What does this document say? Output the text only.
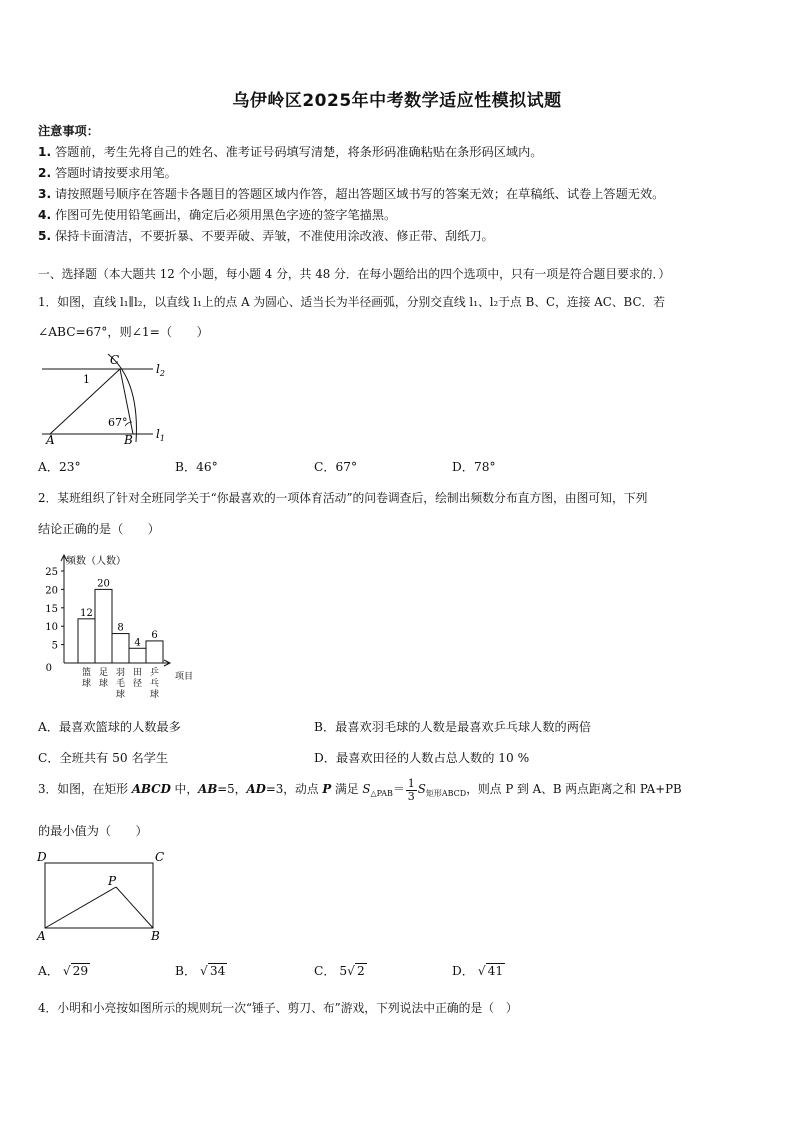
乌伊岭区2025年中考数学适应性模拟试题
注意事项：
1. 答题前，考生先将自己的姓名、准考证号码填写清楚，将条形码准确粘贴在条形码区域内。
2. 答题时请按要求用笔。
3. 请按照题号顺序在答题卡各题目的答题区域内作答，超出答题区域书写的答案无效；在草稿纸、试卷上答题无效。
4. 作图可先使用铅笔画出，确定后必须用黑色字迹的签字笔描黑。
5. 保持卡面清洁，不要折暴、不要弄破、弄皱，不准使用涂改液、修正带、刮纸刀。
一、选择题（本大题共 12 个小题，每小题 4 分，共 48 分．在每小题给出的四个选项中，只有一项是符合题目要求的．）
1．如图，直线 l₁∥l₂，以直线 l₁上的点 A 为圆心、适当长为半径画弧，分别交直线 l₁、l₂于点 B、C，连接 AC、BC．若
∠ABC=67°，则∠1=（　　）
C
1
67°
A	B
$l_2$
$l_1$
A．23°	B．46°	C．67°	D．78°
2．某班组织了针对全班同学关于“你最喜欢的一项体育活动”的问卷调查后，绘制出频数分布直方图，由图可知，下列
结论正确的是（　　）
频数（人数）
项目
0
5
10
15
20
25
12
篮球
20
足球
8
羽毛球
4
田径
6
乒乓球
A．最喜欢篮球的人数最多	B．最喜欢羽毛球的人数是最喜欢乒乓球人数的两倍
C．全班共有 50 名学生	D．最喜欢田径的人数占总人数的 10 %
3．如图，在矩形 ABCD 中，AB=5，AD=3，动点 P 满足 $S_{\triangle PAB}= \frac{1}{3} S_{矩形ABCD}$，则点 P 到 A、B 两点距离之和 PA+PB
的最小值为（　　）
D	C
P
A	B
A． √ 29	B． √ 34	C． 5√ 2	D． √ 41
4．小明和小亮按如图所示的规则玩一次“锤子、剪刀、布”游戏，下列说法中正确的是（　）
